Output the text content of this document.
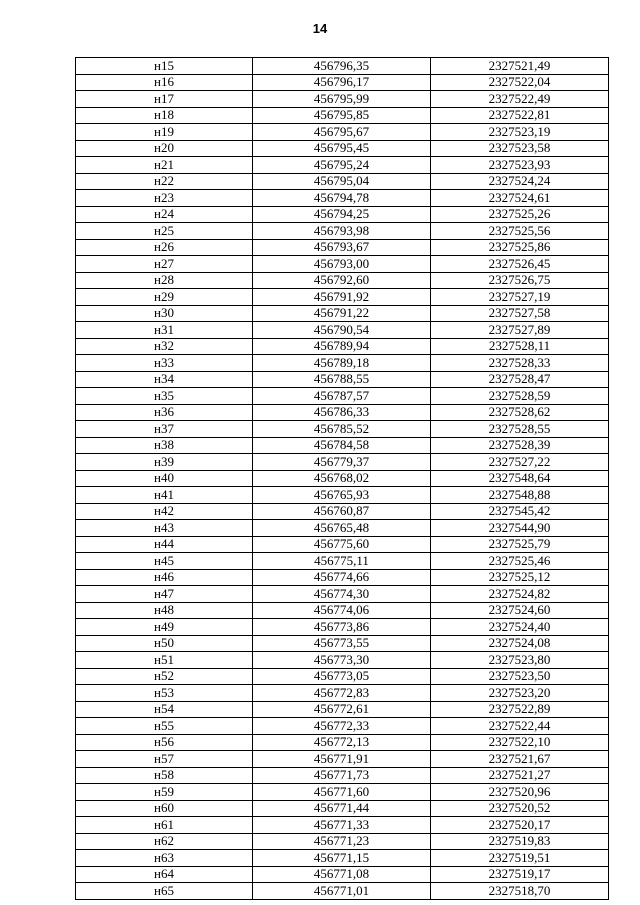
14
н15	456796,35	2327521,49
н16	456796,17	2327522,04
н17	456795,99	2327522,49
н18	456795,85	2327522,81
н19	456795,67	2327523,19
н20	456795,45	2327523,58
н21	456795,24	2327523,93
н22	456795,04	2327524,24
н23	456794,78	2327524,61
н24	456794,25	2327525,26
н25	456793,98	2327525,56
н26	456793,67	2327525,86
н27	456793,00	2327526,45
н28	456792,60	2327526,75
н29	456791,92	2327527,19
н30	456791,22	2327527,58
н31	456790,54	2327527,89
н32	456789,94	2327528,11
н33	456789,18	2327528,33
н34	456788,55	2327528,47
н35	456787,57	2327528,59
н36	456786,33	2327528,62
н37	456785,52	2327528,55
н38	456784,58	2327528,39
н39	456779,37	2327527,22
н40	456768,02	2327548,64
н41	456765,93	2327548,88
н42	456760,87	2327545,42
н43	456765,48	2327544,90
н44	456775,60	2327525,79
н45	456775,11	2327525,46
н46	456774,66	2327525,12
н47	456774,30	2327524,82
н48	456774,06	2327524,60
н49	456773,86	2327524,40
н50	456773,55	2327524,08
н51	456773,30	2327523,80
н52	456773,05	2327523,50
н53	456772,83	2327523,20
н54	456772,61	2327522,89
н55	456772,33	2327522,44
н56	456772,13	2327522,10
н57	456771,91	2327521,67
н58	456771,73	2327521,27
н59	456771,60	2327520,96
н60	456771,44	2327520,52
н61	456771,33	2327520,17
н62	456771,23	2327519,83
н63	456771,15	2327519,51
н64	456771,08	2327519,17
н65	456771,01	2327518,70
